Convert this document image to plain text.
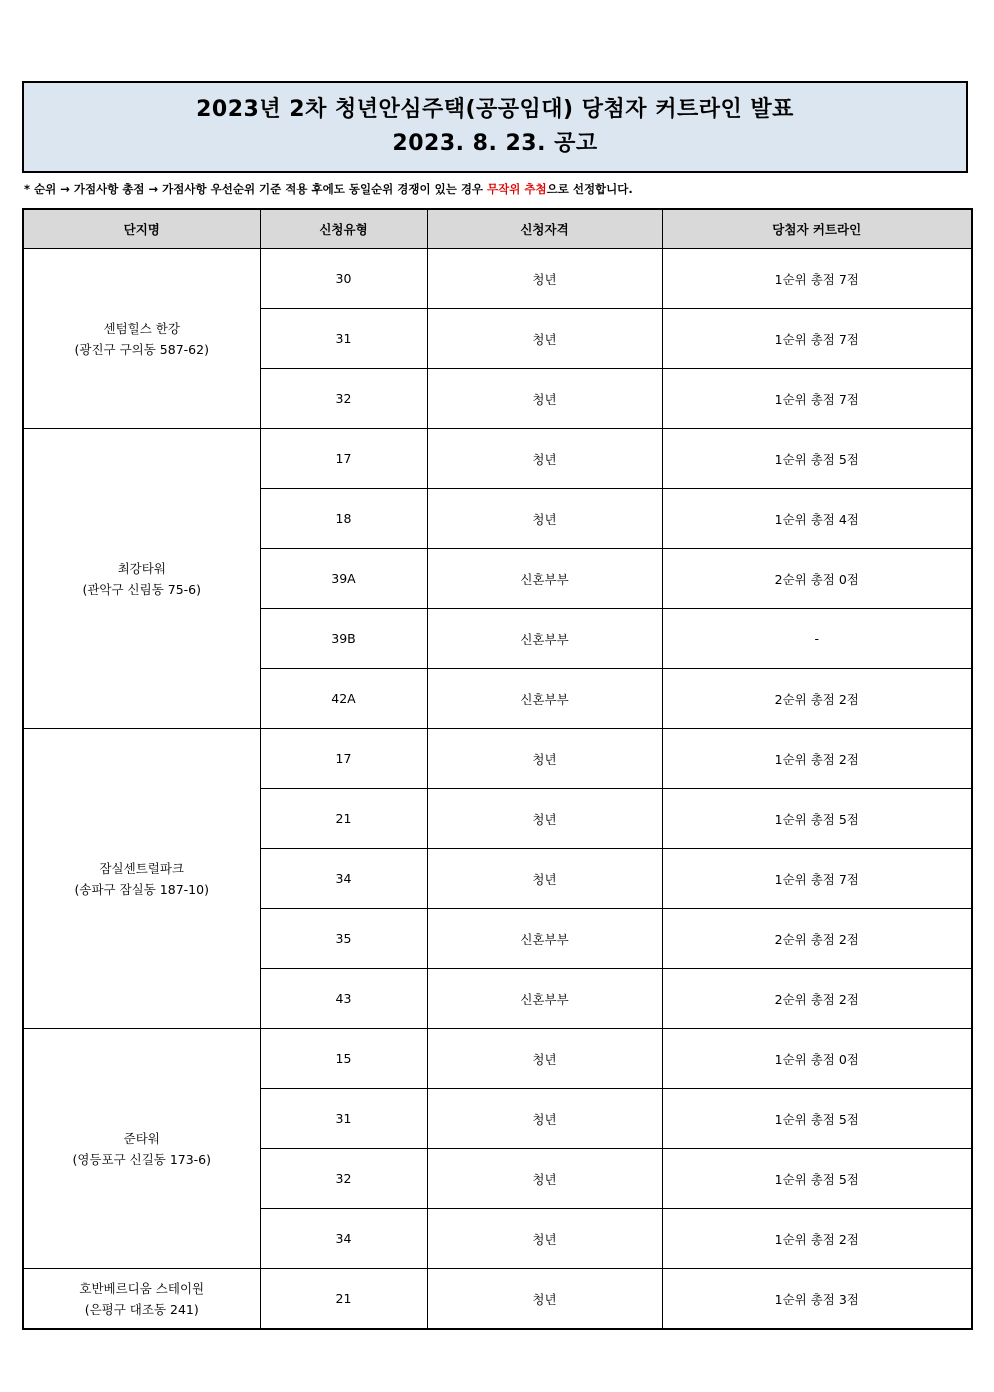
2023년 2차 청년안심주택(공공임대) 당첨자 커트라인 발표
2023. 8. 23. 공고
* 순위 → 가점사항 총점 → 가점사항 우선순위 기준 적용 후에도 동일순위 경쟁이 있는 경우 무작위 추첨으로 선정합니다.
단지명	신청유형	신청자격	당첨자 커트라인

센텀힐스 한강
(광진구 구의동 587-62)	30	청년	1순위 총점 7점
	31	청년	1순위 총점 7점
	32	청년	1순위 총점 7점

최강타워
(관악구 신림동 75-6)	17	청년	1순위 총점 5점
	18	청년	1순위 총점 4점
	39A	신혼부부	2순위 총점 0점
	39B	신혼부부	-
	42A	신혼부부	2순위 총점 2점

잠실센트럴파크
(송파구 잠실동 187-10)	17	청년	1순위 총점 2점
	21	청년	1순위 총점 5점
	34	청년	1순위 총점 7점
	35	신혼부부	2순위 총점 2점
	43	신혼부부	2순위 총점 2점

준타워
(영등포구 신길동 173-6)	15	청년	1순위 총점 0점
	31	청년	1순위 총점 5점
	32	청년	1순위 총점 5점
	34	청년	1순위 총점 2점

호반베르디움 스테이원
(은평구 대조동 241)	21	청년	1순위 총점 3점
